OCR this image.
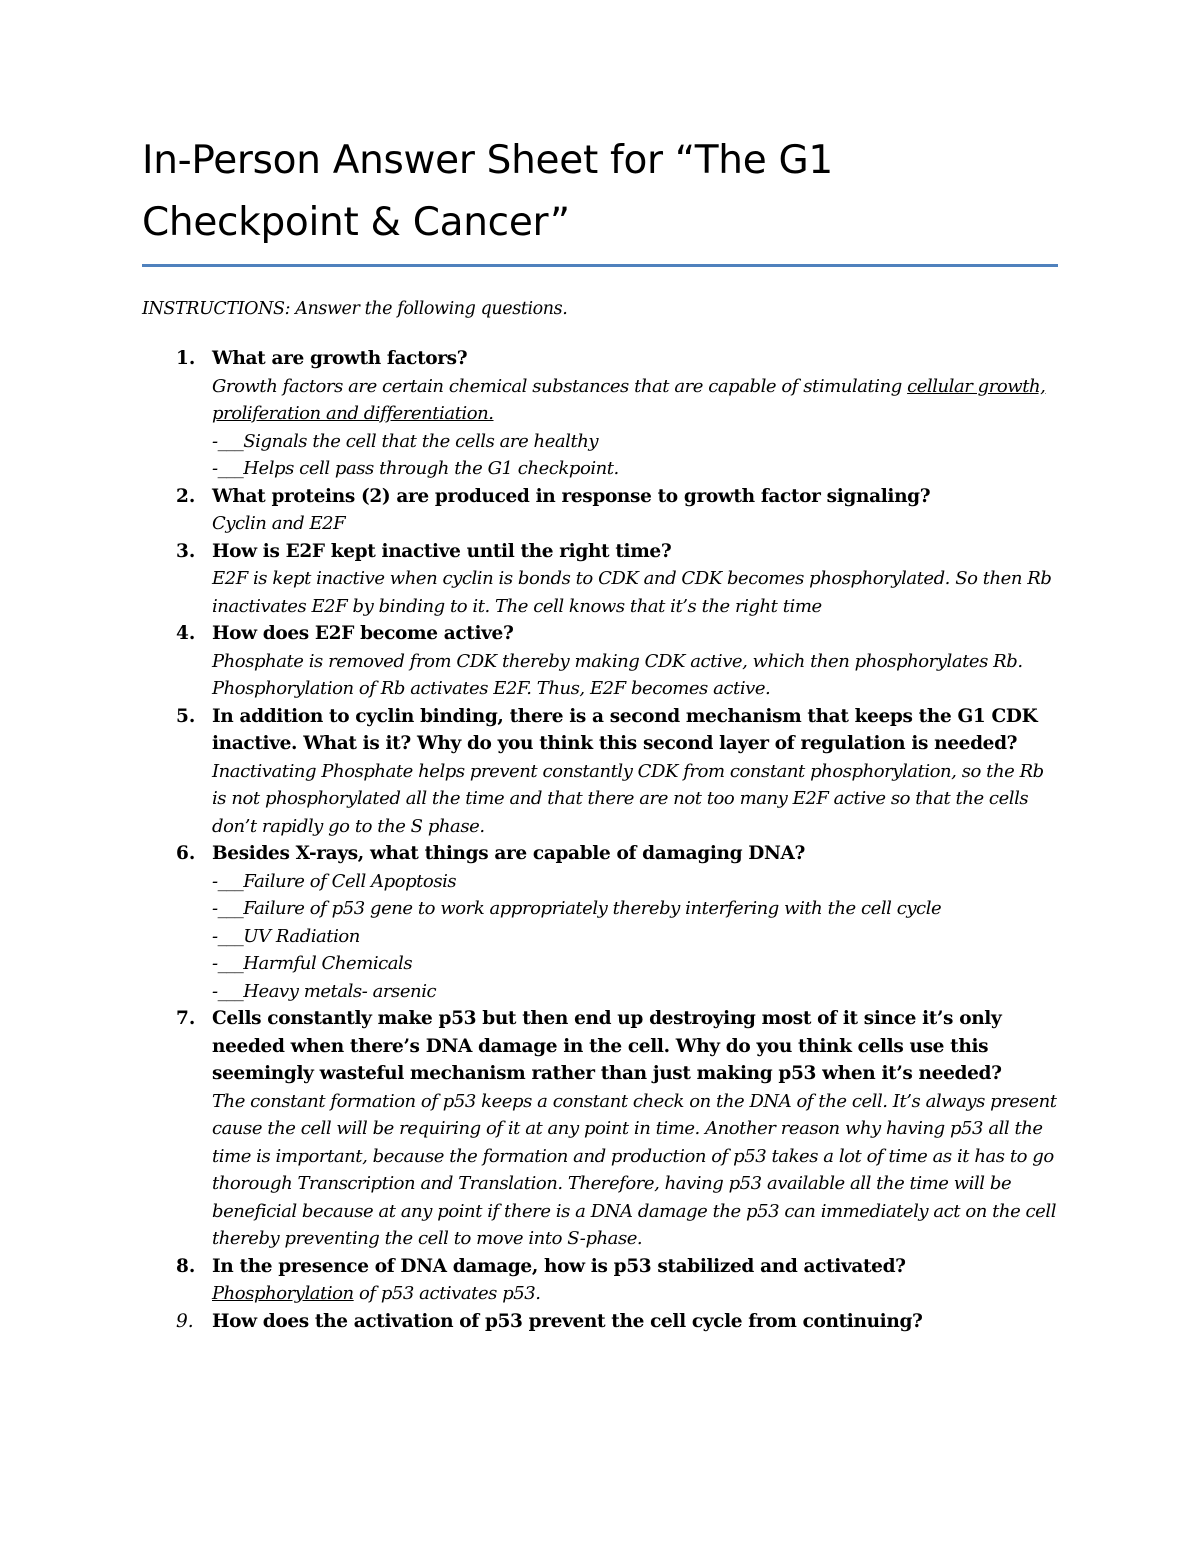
In-Person Answer Sheet for “The G1
Checkpoint & Cancer”
INSTRUCTIONS: Answer the following questions.
1. What are growth factors?
Growth factors are certain chemical substances that are capable of stimulating cellular growth, proliferation and differentiation.
-___Signals the cell that the cells are healthy
-___Helps cell pass through the G1 checkpoint.
2. What proteins (2) are produced in response to growth factor signaling?
Cyclin and E2F
3. How is E2F kept inactive until the right time?
E2F is kept inactive when cyclin is bonds to CDK and CDK becomes phosphorylated. So then Rb inactivates E2F by binding to it. The cell knows that it’s the right time
4. How does E2F become active?
Phosphate is removed from CDK thereby making CDK active, which then phosphorylates Rb. Phosphorylation of Rb activates E2F. Thus, E2F becomes active.
5. In addition to cyclin binding, there is a second mechanism that keeps the G1 CDK inactive. What is it? Why do you think this second layer of regulation is needed?
Inactivating Phosphate helps prevent constantly CDK from constant phosphorylation, so the Rb is not phosphorylated all the time and that there are not too many E2F active so that the cells don’t rapidly go to the S phase.
6. Besides X-rays, what things are capable of damaging DNA?
-___Failure of Cell Apoptosis
-___Failure of p53 gene to work appropriately thereby interfering with the cell cycle
-___UV Radiation
-___Harmful Chemicals
-___Heavy metals- arsenic
7. Cells constantly make p53 but then end up destroying most of it since it’s only needed when there’s DNA damage in the cell. Why do you think cells use this seemingly wasteful mechanism rather than just making p53 when it’s needed?
The constant formation of p53 keeps a constant check on the DNA of the cell. It’s always present cause the cell will be requiring of it at any point in time. Another reason why having p53 all the time is important, because the formation and production of p53 takes a lot of time as it has to go thorough Transcription and Translation. Therefore, having p53 available all the time will be beneficial because at any point if there is a DNA damage the p53 can immediately act on the cell thereby preventing the cell to move into S-phase.
8. In the presence of DNA damage, how is p53 stabilized and activated?
Phosphorylation of p53 activates p53.
9. How does the activation of p53 prevent the cell cycle from continuing?
